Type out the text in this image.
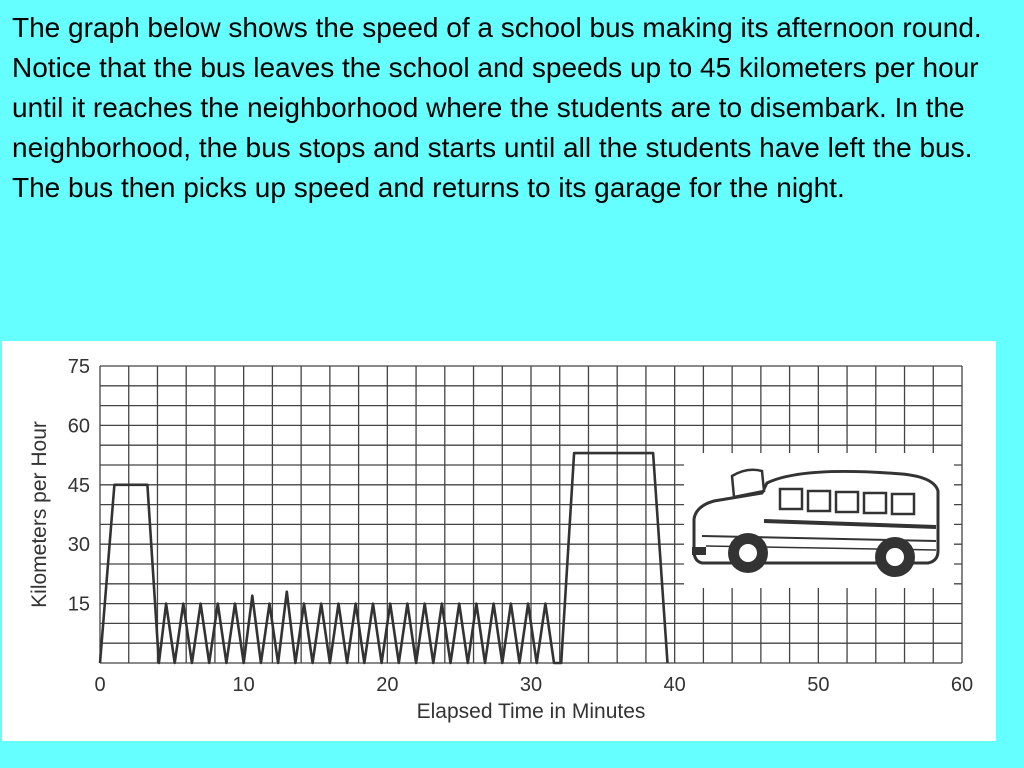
The graph below shows the speed of a school bus making its afternoon round. Notice that the bus leaves the school and speeds up to 45 kilometers per hour until it reaches the neighborhood where the students are to disembark. In the neighborhood, the bus stops and starts until all the students have left the bus. The bus then picks up speed and returns to its garage for the night.

0	10	20	30	40	50	60
15
30
45
60
75
Elapsed Time in Minutes
Kilometers per Hour
